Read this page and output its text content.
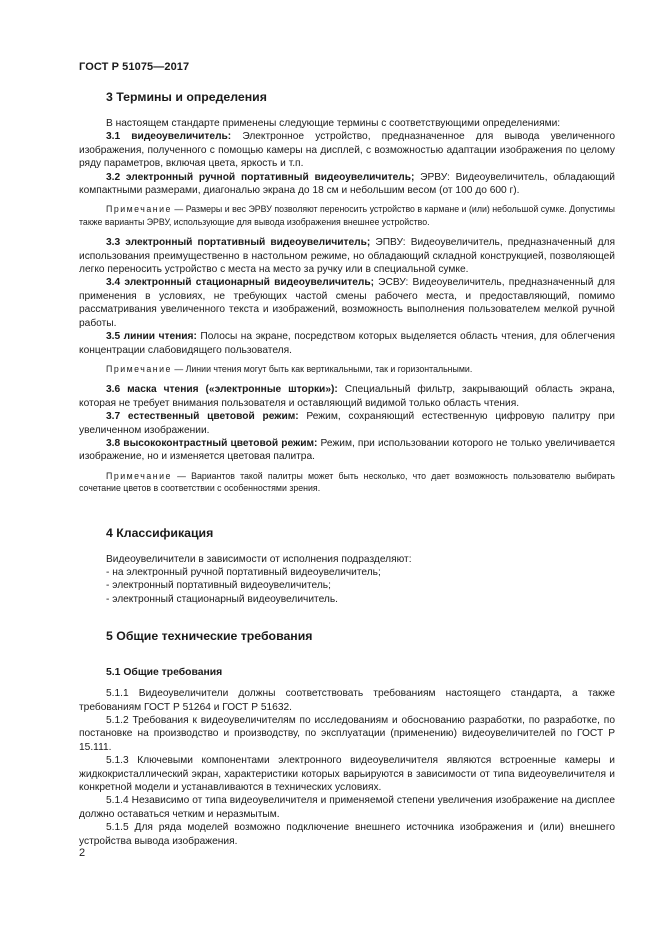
ГОСТ Р 51075—2017
3 Термины и определения

В настоящем стандарте применены следующие термины с соответствующими определениями:

3.1 видеоувеличитель: Электронное устройство, предназначенное для вывода увеличенного изображения, полученного с помощью камеры на дисплей, с возможностью адаптации изображения по целому ряду параметров, включая цвета, яркость и т.п.

3.2 электронный ручной портативный видеоувеличитель; ЭРВУ: Видеоувеличитель, обладающий компактными размерами, диагональю экрана до 18 см и небольшим весом (от 100 до 600 г).

Примечание — Размеры и вес ЭРВУ позволяют переносить устройство в кармане и (или) небольшой сумке. Допустимы также варианты ЭРВУ, использующие для вывода изображения внешнее устройство.

3.3 электронный портативный видеоувеличитель; ЭПВУ: Видеоувеличитель, предназначенный для использования преимущественно в настольном режиме, но обладающий складной конструкцией, позволяющей легко переносить устройство с места на место за ручку или в специальной сумке.

3.4 электронный стационарный видеоувеличитель; ЭСВУ: Видеоувеличитель, предназначенный для применения в условиях, не требующих частой смены рабочего места, и предоставляющий, помимо рассматривания увеличенного текста и изображений, возможность выполнения пользователем мелкой ручной работы.

3.5 линии чтения: Полосы на экране, посредством которых выделяется область чтения, для облегчения концентрации слабовидящего пользователя.

Примечание — Линии чтения могут быть как вертикальными, так и горизонтальными.

3.6 маска чтения («электронные шторки»): Специальный фильтр, закрывающий область экрана, которая не требует внимания пользователя и оставляющий видимой только область чтения.

3.7 естественный цветовой режим: Режим, сохраняющий естественную цифровую палитру при увеличенном изображении.

3.8 высококонтрастный цветовой режим: Режим, при использовании которого не только увеличивается изображение, но и изменяется цветовая палитра.

Примечание — Вариантов такой палитры может быть несколько, что дает возможность пользователю выбирать сочетание цветов в соответствии с особенностями зрения.
4 Классификация

Видеоувеличители в зависимости от исполнения подразделяют:

- на электронный ручной портативный видеоувеличитель;
- электронный портативный видеоувеличитель;
- электронный стационарный видеоувеличитель.
5 Общие технические требования
5.1 Общие требования

5.1.1 Видеоувеличители должны соответствовать требованиям настоящего стандарта, а также требованиям ГОСТ Р 51264 и ГОСТ Р 51632.

5.1.2 Требования к видеоувеличителям по исследованиям и обоснованию разработки, по разработке, по постановке на производство и производству, по эксплуатации (применению) видеоувеличителей по ГОСТ Р 15.111.

5.1.3 Ключевыми компонентами электронного видеоувеличителя являются встроенные камеры и жидкокристаллический экран, характеристики которых варьируются в зависимости от типа видеоувеличителя и конкретной модели и устанавливаются в технических условиях.

5.1.4 Независимо от типа видеоувеличителя и применяемой степени увеличения изображение на дисплее должно оставаться четким и неразмытым.

5.1.5 Для ряда моделей возможно подключение внешнего источника изображения и (или) внешнего устройства вывода изображения.

2
